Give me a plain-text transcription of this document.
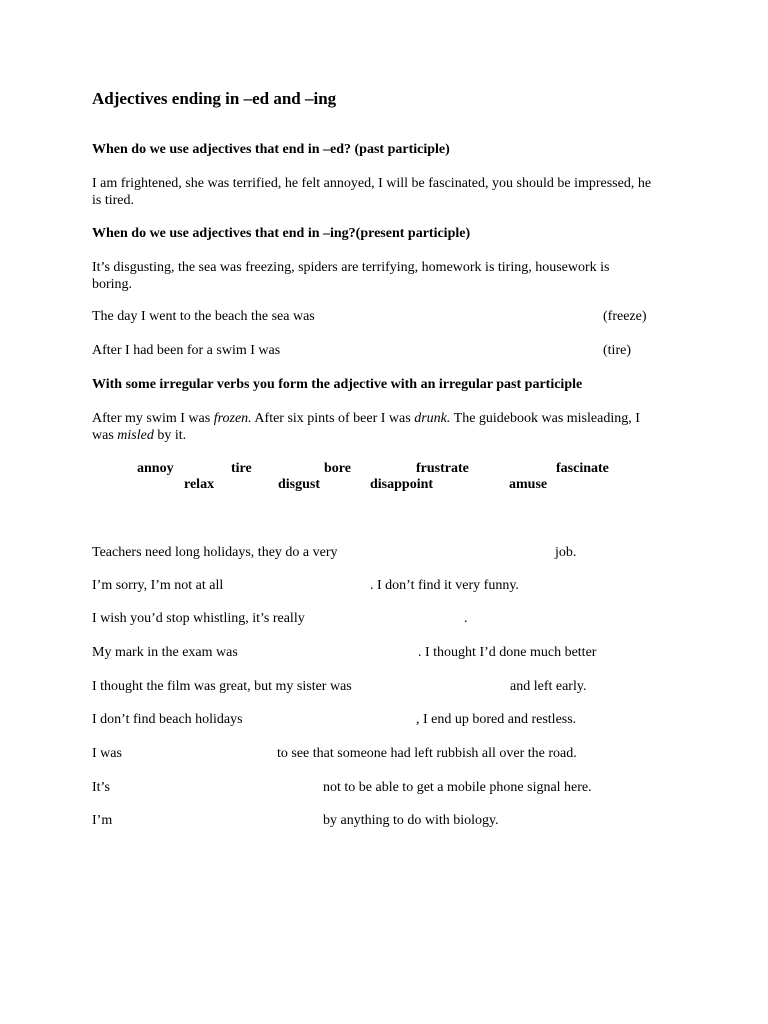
Adjectives ending in –ed and –ing
When do we use adjectives that end in –ed? (past participle)
I am frightened, she was terrified, he felt annoyed, I will be fascinated, you should be impressed, he is tired.
When do we use adjectives that end in –ing?(present participle)
It’s disgusting, the sea was freezing, spiders are terrifying, homework is tiring, housework is boring.
The day I went to the beach the sea was	(freeze)
After I had been for a swim I was	(tire)
With some irregular verbs you form the adjective with an irregular past participle
After my swim I was frozen. After six pints of beer I was drunk. The guidebook was misleading, I was misled by it.
annoy	tire	bore	frustrate	fascinate
relax	disgust	disappoint	amuse
Teachers need long holidays, they do a very	job.
I’m sorry, I’m not at all	. I don’t find it very funny.
I wish you’d stop whistling, it’s really	.
My mark in the exam was	. I thought I’d done much better
I thought the film was great, but my sister was	and left early.
I don’t find beach holidays	, I end up bored and restless.
I was	to see that someone had left rubbish all over the road.
It’s	not to be able to get a mobile phone signal here.
I’m	by anything to do with biology.
